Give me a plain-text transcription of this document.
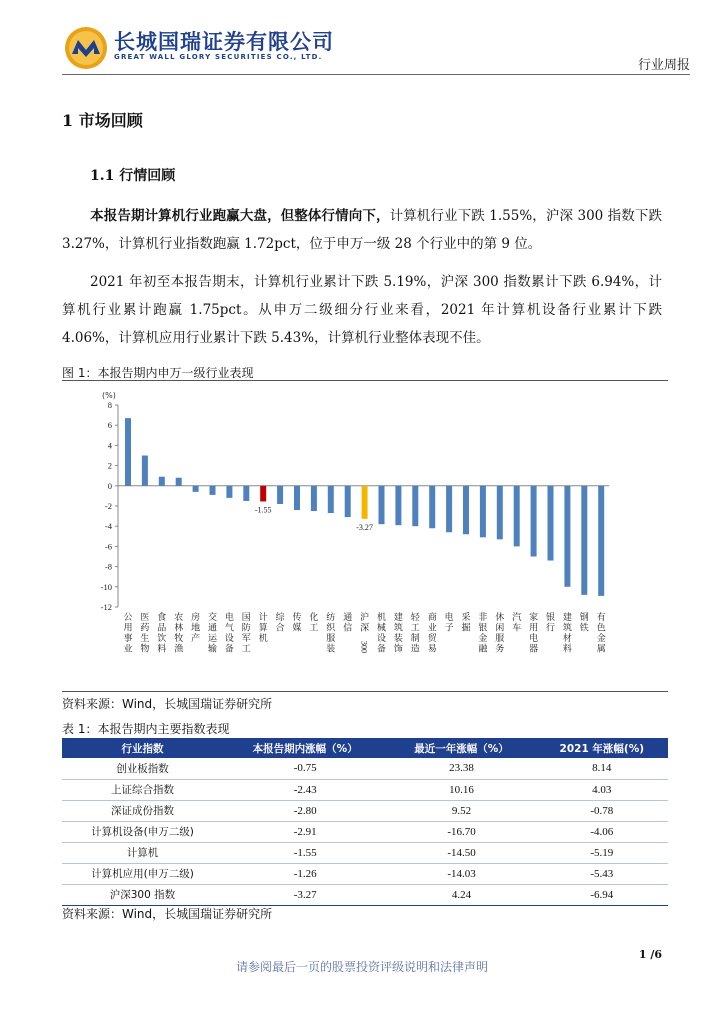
长城国瑞证券有限公司
GREAT WALL GLORY SECURITIES CO., LTD.
行业周报
1 市场回顾
1.1 行情回顾
本报告期计算机行业跑赢大盘，但整体行情向下，计算机行业下跌 1.55%，沪深 300 指数下跌 3.27%，计算机行业指数跑赢 1.72pct，位于申万一级 28 个行业中的第 9 位。
2021 年初至本报告期末，计算机行业累计下跌 5.19%，沪深 300 指数累计下跌 6.94%，计算机行业累计跑赢 1.75pct。从申万二级细分行业来看，2021 年计算机设备行业累计下跌 4.06%，计算机应用行业累计下跌 5.43%，计算机行业整体表现不佳。
图 1：本报告期内申万一级行业表现
(%)
8
6
4
2
0
-2
-4
-6
-8
-10
-12
公
用
事
业
医
药
生
物
食
品
饮
料
农
林
牧
渔
房
地
产
交
通
运
输
电
气
设
备
国
防
军
工
-1.55
计
算
机
综
合
传
媒
化
工
纺
织
服
装
通
信
-3.27
沪
深
300
机
械
设
备
建
筑
装
饰
轻
工
制
造
商
业
贸
易
电
子
采
掘
非
银
金
融
休
闲
服
务
汽
车
家
用
电
器
银
行
建
筑
材
料
钢
铁
有
色
金
属
资料来源：Wind，长城国瑞证券研究所
表 1：本报告期内主要指数表现
行业指数	本报告期内涨幅（%）	最近一年涨幅（%）	2021 年涨幅(%)
创业板指数	-0.75	23.38	8.14
上证综合指数	-2.43	10.16	4.03
深证成份指数	-2.80	9.52	-0.78
计算机设备(申万二级)	-2.91	-16.70	-4.06
计算机	-1.55	-14.50	-5.19
计算机应用(申万二级)	-1.26	-14.03	-5.43
沪深300 指数	-3.27	4.24	-6.94
资料来源：Wind，长城国瑞证券研究所
1 /6
请参阅最后一页的股票投资评级说明和法律声明
